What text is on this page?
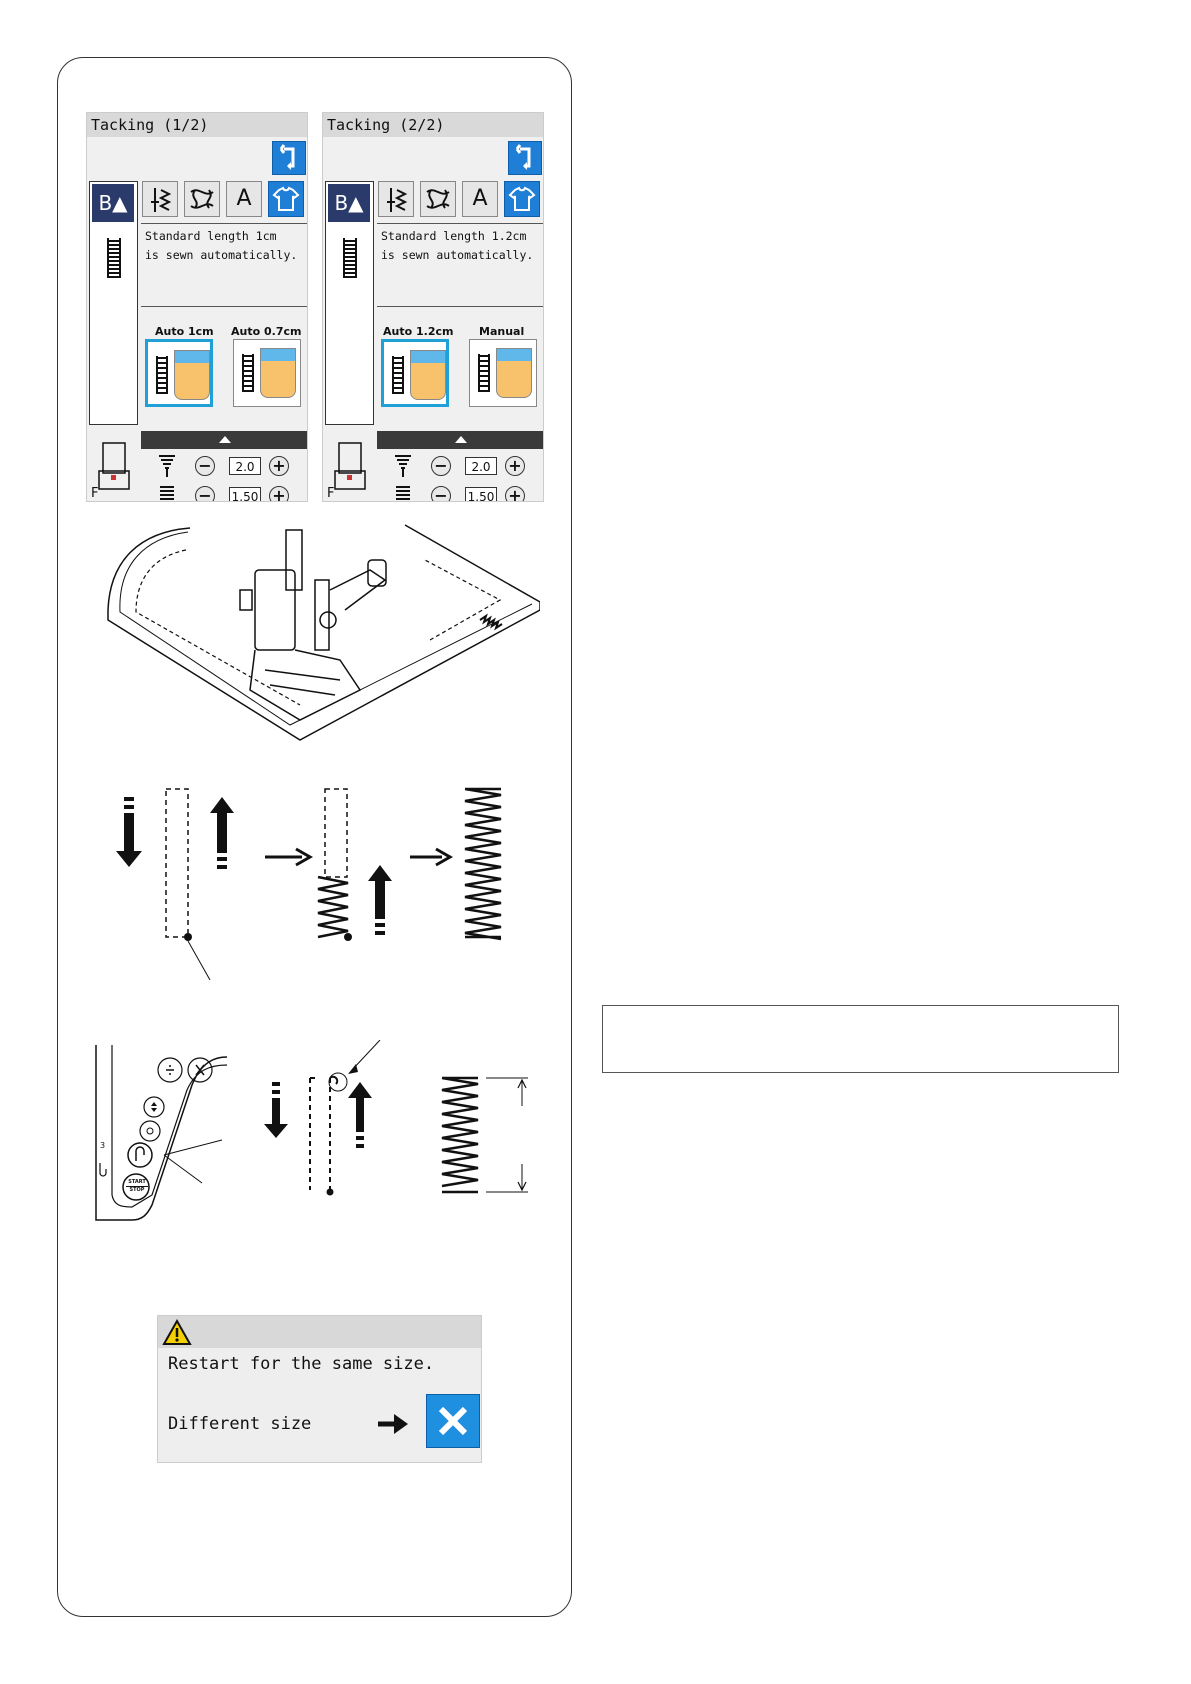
Tacking (1/2)
B▲	A
Standard length 1cm
is sewn automatically.
Auto 1cm Auto 0.7cm
F
−	2.0	+
− 1.50 +
Tacking (2/2)
B▲	A
Standard length 1.2cm
is sewn automatically.
Auto 1.2cm Manual
F
−	2.0	+
− 1.50 +
3
START
STOP
Restart for the same size.
Different size
